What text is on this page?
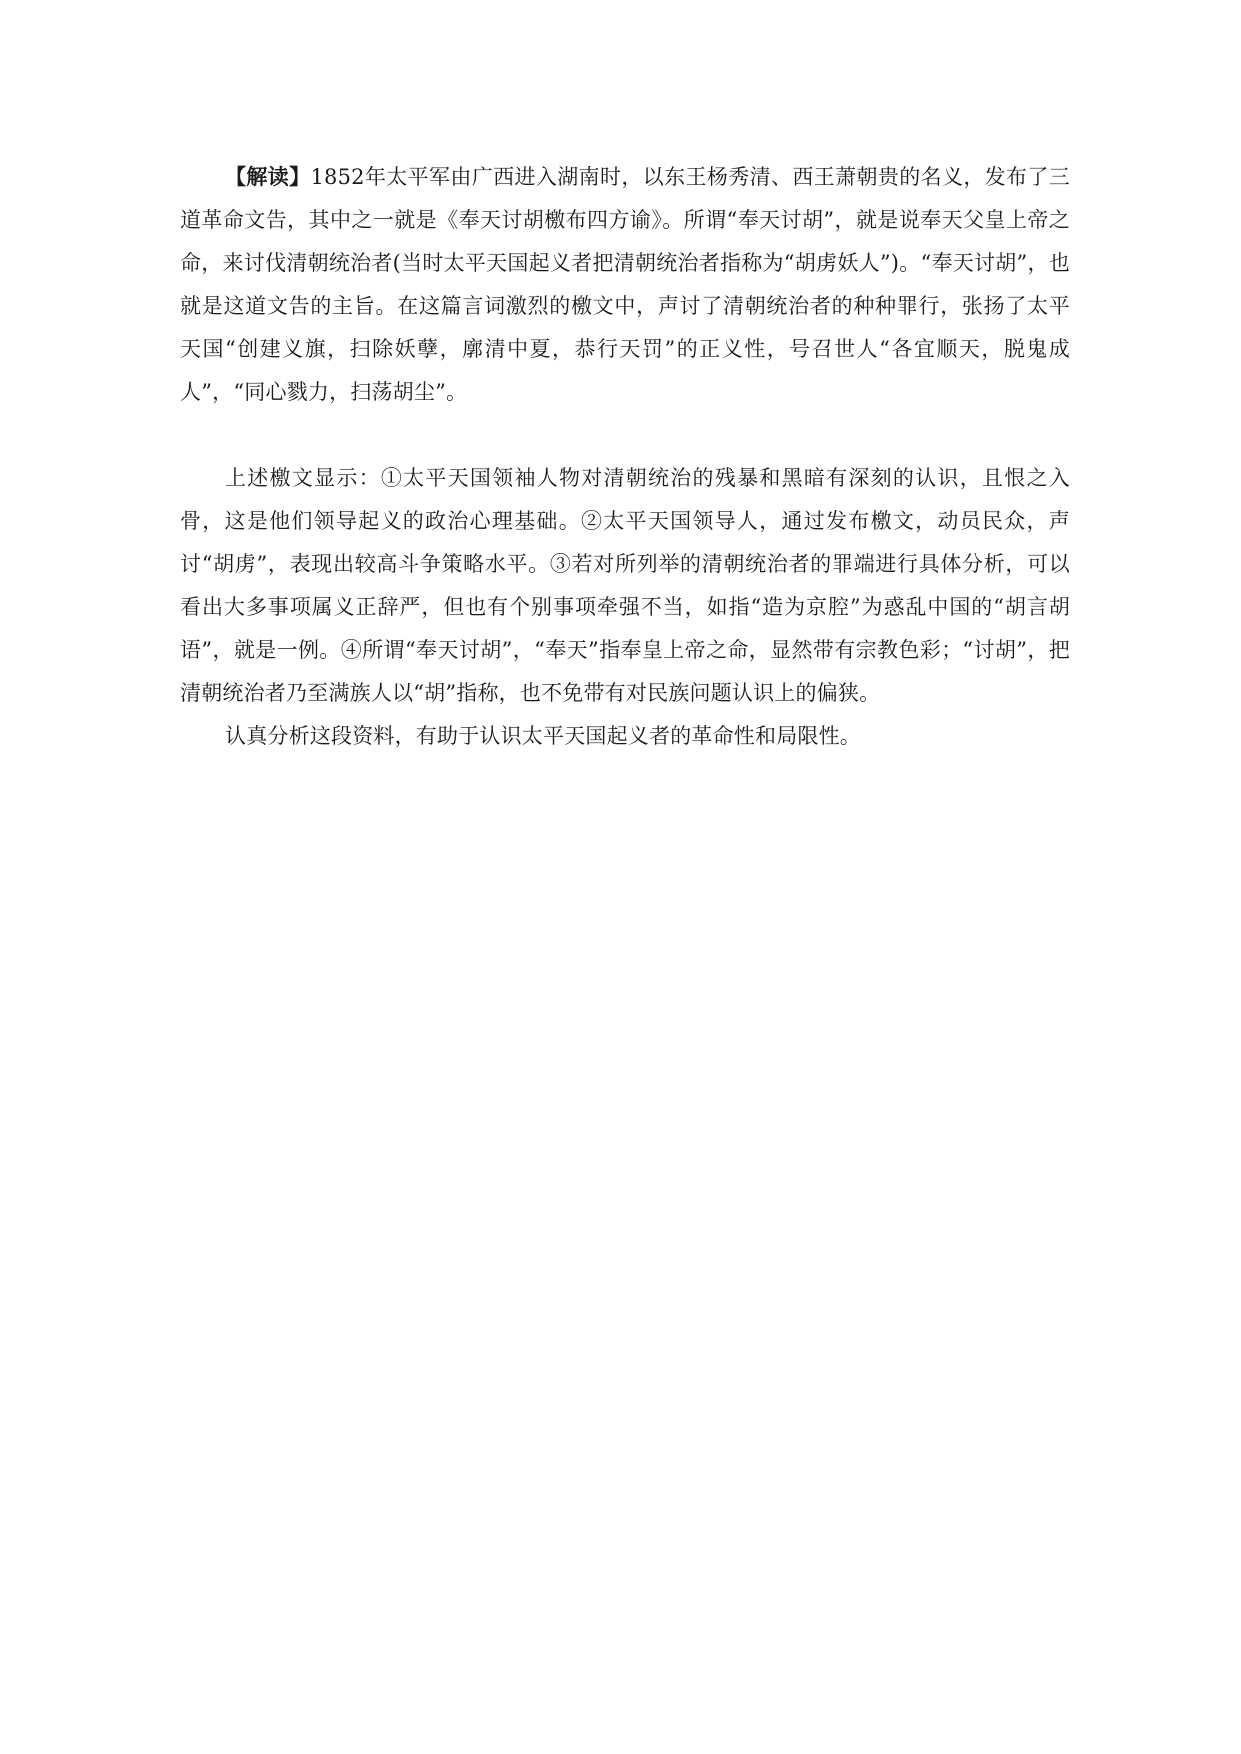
【解读】1852年太平军由广西进入湖南时，以东王杨秀清、西王萧朝贵的名义，发布了三道革命文告，其中之一就是《奉天讨胡檄布四方谕》。所谓“奉天讨胡”，就是说奉天父皇上帝之命，来讨伐清朝统治者(当时太平天国起义者把清朝统治者指称为“胡虏妖人”)。“奉天讨胡”，也就是这道文告的主旨。在这篇言词激烈的檄文中，声讨了清朝统治者的种种罪行，张扬了太平天国“创建义旗，扫除妖孽，廓清中夏，恭行天罚”的正义性，号召世人“各宜顺天，脱鬼成人”，“同心戮力，扫荡胡尘”。

上述檄文显示：①太平天国领袖人物对清朝统治的残暴和黑暗有深刻的认识，且恨之入骨，这是他们领导起义的政治心理基础。②太平天国领导人，通过发布檄文，动员民众，声讨“胡虏”，表现出较高斗争策略水平。③若对所列举的清朝统治者的罪端进行具体分析，可以看出大多事项属义正辞严，但也有个别事项牵强不当，如指“造为京腔”为惑乱中国的“胡言胡语”，就是一例。④所谓“奉天讨胡”，“奉天”指奉皇上帝之命，显然带有宗教色彩；“讨胡”，把清朝统治者乃至满族人以“胡”指称，也不免带有对民族问题认识上的偏狭。

认真分析这段资料，有助于认识太平天国起义者的革命性和局限性。
